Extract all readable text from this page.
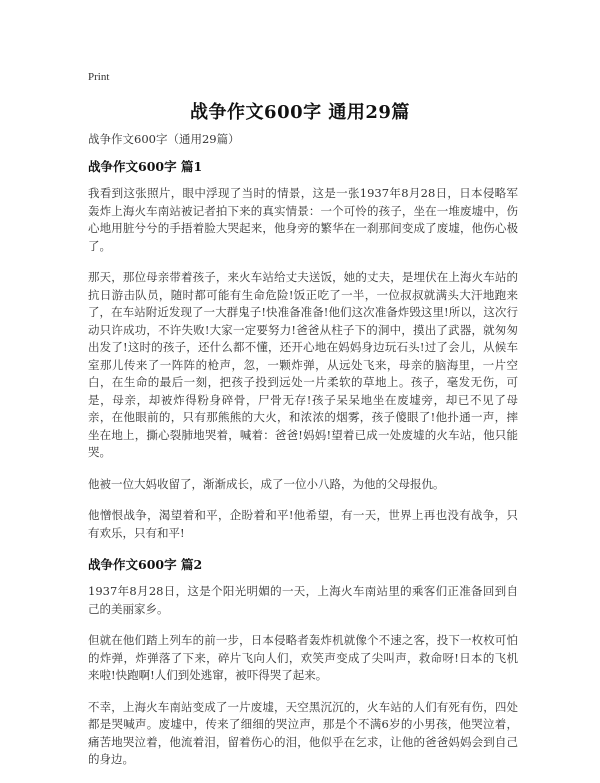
Print
战争作文600字 通用29篇
战争作文600字（通用29篇）
战争作文600字 篇1

我看到这张照片，眼中浮现了当时的情景，这是一张1937年8月28日，日本侵略军轰炸上海火车南站被记者拍下来的真实情景：一个可怜的孩子，坐在一堆废墟中，伤心地用脏兮兮的手捂着脸大哭起来，他身旁的繁华在一刹那间变成了废墟，他伤心极了。

那天，那位母亲带着孩子，来火车站给丈夫送饭，她的丈夫，是埋伏在上海火车站的抗日游击队员，随时都可能有生命危险!饭正吃了一半，一位叔叔就满头大汗地跑来了，在车站附近发现了一大群鬼子!快准备准备!他们这次准备炸毁这里!所以，这次行动只许成功，不许失败!大家一定要努力!爸爸从柱子下的洞中，摸出了武器，就匆匆出发了!这时的孩子，还什么都不懂，还开心地在妈妈身边玩石头!过了会儿，从候车室那儿传来了一阵阵的枪声，忽，一颗炸弹，从远处飞来，母亲的脑海里，一片空白，在生命的最后一刻，把孩子投到远处一片柔软的草地上。孩子，毫发无伤，可是，母亲，却被炸得粉身碎骨，尸骨无存!孩子呆呆地坐在废墟旁，却已不见了母亲，在他眼前的，只有那熊熊的大火，和浓浓的烟雾，孩子傻眼了!他扑通一声，摔坐在地上，撕心裂肺地哭着，喊着：爸爸!妈妈!望着已成一处废墟的火车站，他只能哭。

他被一位大妈收留了，渐渐成长，成了一位小八路，为他的父母报仇。

他憎恨战争，渴望着和平，企盼着和平!他希望，有一天，世界上再也没有战争，只有欢乐，只有和平!

战争作文600字 篇2

1937年8月28日，这是个阳光明媚的一天，上海火车南站里的乘客们正准备回到自己的美丽家乡。

但就在他们踏上列车的前一步，日本侵略者轰炸机就像个不速之客，投下一枚枚可怕的炸弹，炸弹落了下来，碎片飞向人们，欢笑声变成了尖叫声，救命呀!日本的飞机来啦!快跑啊!人们到处逃窜，被吓得哭了起来。

不幸，上海火车南站变成了一片废墟，天空黑沉沉的，火车站的人们有死有伤，四处都是哭喊声。废墟中，传来了细细的哭泣声，那是个不满6岁的小男孩，他哭泣着，痛苦地哭泣着，他流着泪，留着伤心的泪，他似乎在乞求，让他的爸爸妈妈会到自己的身边。
